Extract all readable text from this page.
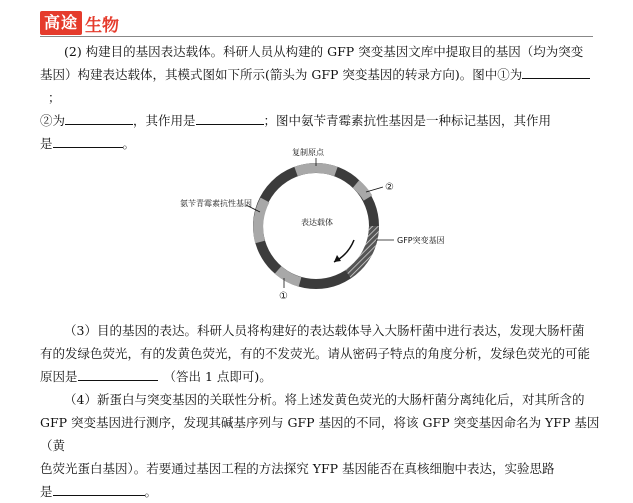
高途 生物
(2) 构建目的基因表达载体。科研人员从构建的 GFP 突变基因文库中提取目的基因（均为突变
基因）构建表达载体，其模式图如下所示(箭头为 GFP 突变基因的转录方向)。图中①为；
②为	，其作用是	；图中氨苄青霉素抗性基因是一种标记基因，其作用
是	。
复制原点
氨苄青霉素抗性基因
表达载体
②
GFP突变基因
①
（3）目的基因的表达。科研人员将构建好的表达载体导入大肠杆菌中进行表达，发现大肠杆菌
有的发绿色荧光，有的发黄色荧光，有的不发荧光。请从密码子特点的角度分析，发绿色荧光的可能
原因是	（答出 1 点即可)。
（4）新蛋白与突变基因的关联性分析。将上述发黄色荧光的大肠杆菌分离纯化后，对其所含的
GFP 突变基因进行测序，发现其碱基序列与 GFP 基因的不同，将该 GFP 突变基因命名为 YFP 基因（黄
色荧光蛋白基因）。若要通过基因工程的方法探究 YFP 基因能否在真核细胞中表达，实验思路
是	。
